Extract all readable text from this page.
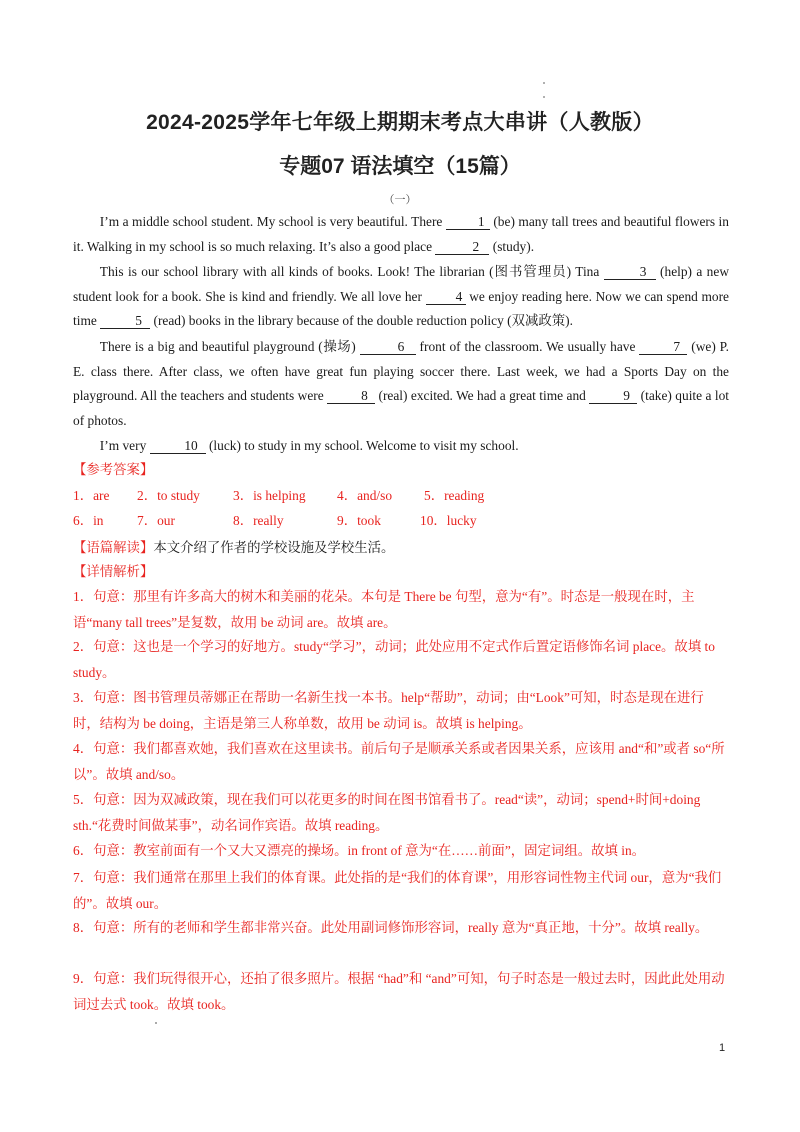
2024-2025学年七年级上期期末考点大串讲（人教版）
专题07 语法填空（15篇）
（一）

I’m a middle school student. My school is very beautiful. There 1 (be) many tall trees and beautiful flowers in it. Walking in my school is so much relaxing. It’s also a good place	2 (study).

This is our school library with all kinds of books. Look! The librarian (图书管理员) Tina	3 (help) a new student look for a book. She is kind and friendly. We all love her 4 we enjoy reading here. Now we can spend more time	5 (read) books in the library because of the double reduction policy (双减政策).

There is a big and beautiful playground (操场)	6 front of the classroom. We usually have	7 (we) P. E. class there. After class, we often have great fun playing soccer there. Last week, we had a Sports Day on the playground. All the teachers and students were	8 (real) excited. We had a great time and	9 (take) quite a lot of photos.

I’m very	10 (luck) to study in my school. Welcome to visit my school.

【参考答案】
1．are 2．to study 3．is helping 4．and/so 5．reading
6．in 7．our	8．really	9．took	10．lucky
【语篇解读】本文介绍了作者的学校设施及学校生活。
【详情解析】

1．句意：那里有许多高大的树木和美丽的花朵。本句是 There be 句型，意为“有”。时态是一般现在时，主语“many tall trees”是复数，故用 be 动词 are。故填 are。

2．句意：这也是一个学习的好地方。study“学习”，动词；此处应用不定式作后置定语修饰名词 place。故填 to study。

3．句意：图书管理员蒂娜正在帮助一名新生找一本书。help“帮助”，动词；由“Look”可知，时态是现在进行时，结构为 be doing，主语是第三人称单数，故用 be 动词 is。故填 is helping。

4．句意：我们都喜欢她，我们喜欢在这里读书。前后句子是顺承关系或者因果关系，应该用 and“和”或者 so“所以”。故填 and/so。

5．句意：因为双减政策，现在我们可以花更多的时间在图书馆看书了。read“读”，动词；spend+时间+doing sth.“花费时间做某事”，动名词作宾语。故填 reading。

6．句意：教室前面有一个又大又漂亮的操场。in front of 意为“在……前面”，固定词组。故填 in。

7．句意：我们通常在那里上我们的体育课。此处指的是“我们的体育课”，用形容词性物主代词 our，意为“我们的”。故填 our。

8．句意：所有的老师和学生都非常兴奋。此处用副词修饰形容词，really 意为“真正地，十分”。故填 really。

9．句意：我们玩得很开心，还拍了很多照片。根据 “had”和 “and”可知，句子时态是一般过去时，因此此处用动词过去式 took。故填 took。

1
